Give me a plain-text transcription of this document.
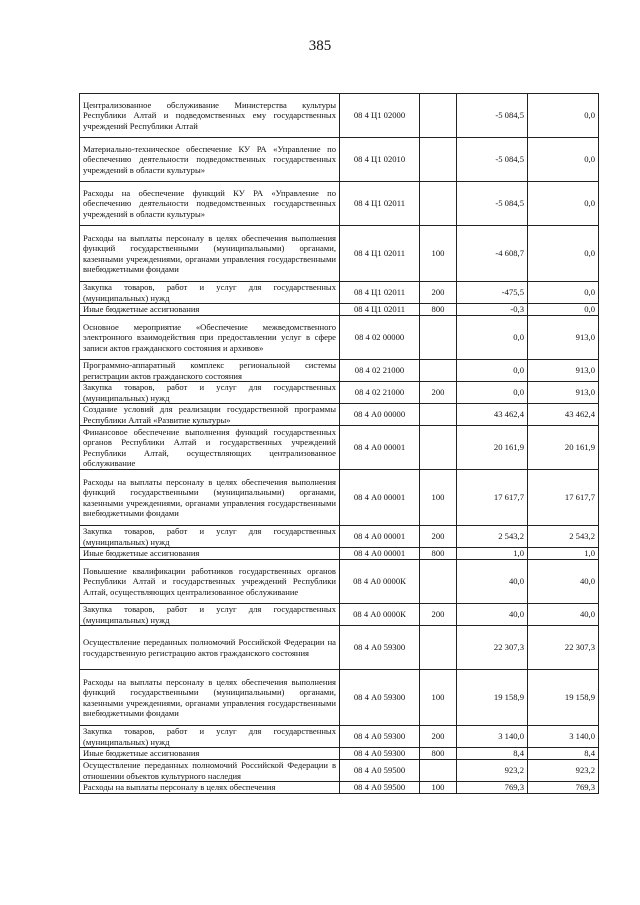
385
Централизованное обслуживание Министерства культуры Республики Алтай и подведомственных ему государственных учреждений Республики Алтай	08 4 Ц1 02000		-5 084,5	0,0
Материально-техническое обеспечение КУ РА «Управление по обеспечению деятельности подведомственных государственных учреждений в области культуры»	08 4 Ц1 02010		-5 084,5	0,0
Расходы на обеспечение функций КУ РА «Управление по обеспечению деятельности подведомственных государственных учреждений в области культуры»	08 4 Ц1 02011		-5 084,5	0,0
Расходы на выплаты персоналу в целях обеспечения выполнения функций государственными (муниципальными) органами, казенными учреждениями, органами управления государственными внебюджетными фондами	08 4 Ц1 02011	100	-4 608,7	0,0
Закупка товаров, работ и услуг для государственных (муниципальных) нужд	08 4 Ц1 02011	200	-475,5	0,0
Иные бюджетные ассигнования	08 4 Ц1 02011	800	-0,3	0,0
Основное мероприятие «Обеспечение межведомственного электронного взаимодействия при предоставлении услуг в сфере записи актов гражданского состояния и архивов»	08 4 02 00000		0,0	913,0
Программно-аппаратный комплекс региональной системы регистрации актов гражданского состояния	08 4 02 21000		0,0	913,0
Закупка товаров, работ и услуг для государственных (муниципальных) нужд	08 4 02 21000	200	0,0	913,0
Создание условий для реализации государственной программы Республики Алтай «Развитие культуры»	08 4 А0 00000		43 462,4	43 462,4
Финансовое обеспечение выполнения функций государственных органов Республики Алтай и государственных учреждений Республики Алтай, осуществляющих централизованное обслуживание	08 4 А0 00001		20 161,9	20 161,9
Расходы на выплаты персоналу в целях обеспечения выполнения функций государственными (муниципальными) органами, казенными учреждениями, органами управления государственными внебюджетными фондами	08 4 А0 00001	100	17 617,7	17 617,7
Закупка товаров, работ и услуг для государственных (муниципальных) нужд	08 4 А0 00001	200	2 543,2	2 543,2
Иные бюджетные ассигнования	08 4 А0 00001	800	1,0	1,0
Повышение квалификации работников государственных органов Республики Алтай и государственных учреждений Республики Алтай, осуществляющих централизованное обслуживание	08 4 А0 0000К		40,0	40,0
Закупка товаров, работ и услуг для государственных (муниципальных) нужд	08 4 А0 0000К	200	40,0	40,0
Осуществление переданных полномочий Российской Федерации на государственную регистрацию актов гражданского состояния	08 4 А0 59300		22 307,3	22 307,3
Расходы на выплаты персоналу в целях обеспечения выполнения функций государственными (муниципальными) органами, казенными учреждениями, органами управления государственными внебюджетными фондами	08 4 А0 59300	100	19 158,9	19 158,9
Закупка товаров, работ и услуг для государственных (муниципальных) нужд	08 4 А0 59300	200	3 140,0	3 140,0
Иные бюджетные ассигнования	08 4 А0 59300	800	8,4	8,4
Осуществление переданных полномочий Российской Федерации в отношении объектов культурного наследия	08 4 А0 59500		923,2	923,2
Расходы на выплаты персоналу в целях обеспечения	08 4 А0 59500	100	769,3	769,3
